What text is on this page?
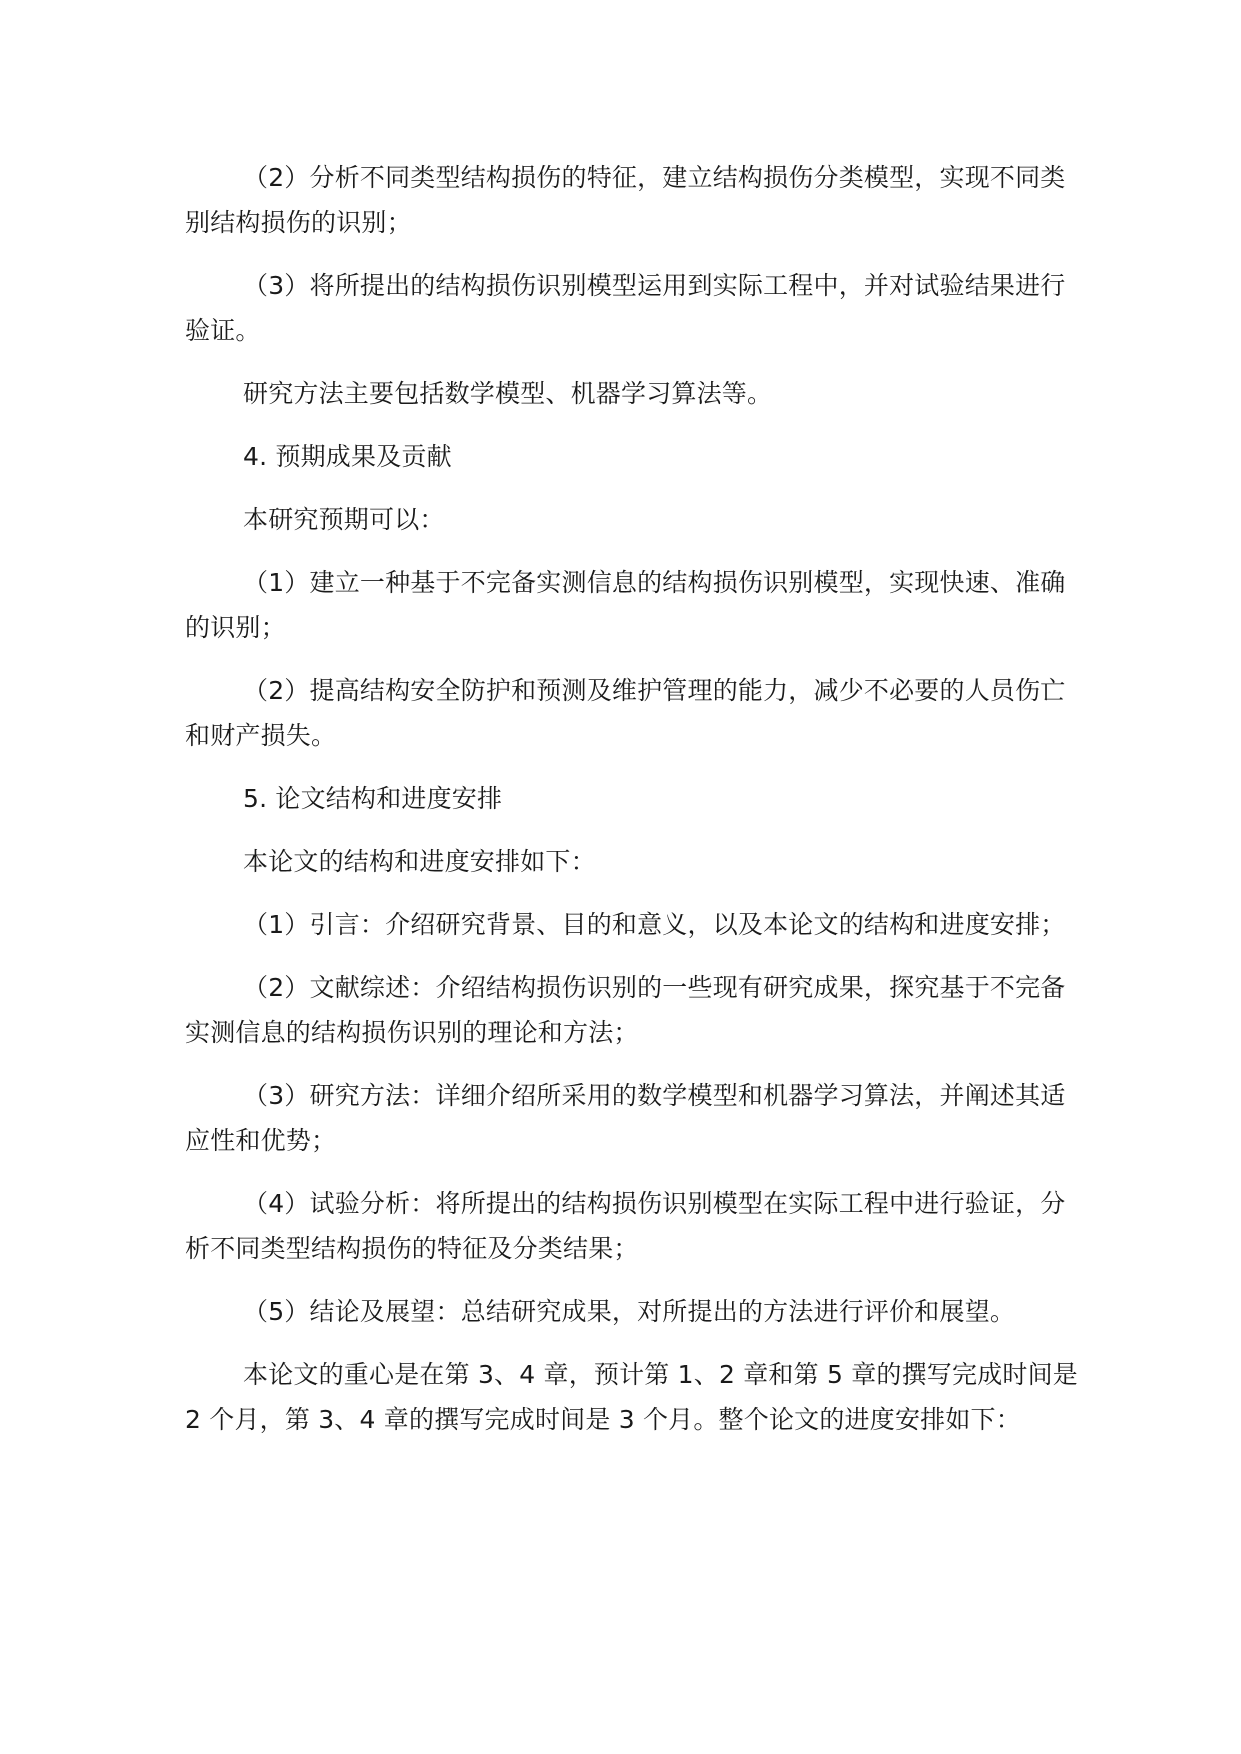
（2）分析不同类型结构损伤的特征，建立结构损伤分类模型，实现不同类别结构损伤的识别；

（3）将所提出的结构损伤识别模型运用到实际工程中，并对试验结果进行验证。

研究方法主要包括数学模型、机器学习算法等。

4. 预期成果及贡献

本研究预期可以：

（1）建立一种基于不完备实测信息的结构损伤识别模型，实现快速、准确的识别；

（2）提高结构安全防护和预测及维护管理的能力，减少不必要的人员伤亡和财产损失。

5. 论文结构和进度安排

本论文的结构和进度安排如下：

（1）引言：介绍研究背景、目的和意义，以及本论文的结构和进度安排；

（2）文献综述：介绍结构损伤识别的一些现有研究成果，探究基于不完备实测信息的结构损伤识别的理论和方法；

（3）研究方法：详细介绍所采用的数学模型和机器学习算法，并阐述其适应性和优势；

（4）试验分析：将所提出的结构损伤识别模型在实际工程中进行验证，分析不同类型结构损伤的特征及分类结果；

（5）结论及展望：总结研究成果，对所提出的方法进行评价和展望。

本论文的重心是在第 3、4 章，预计第 1、2 章和第 5 章的撰写完成时间是 2 个月，第 3、4 章的撰写完成时间是 3 个月。整个论文的进度安排如下：
